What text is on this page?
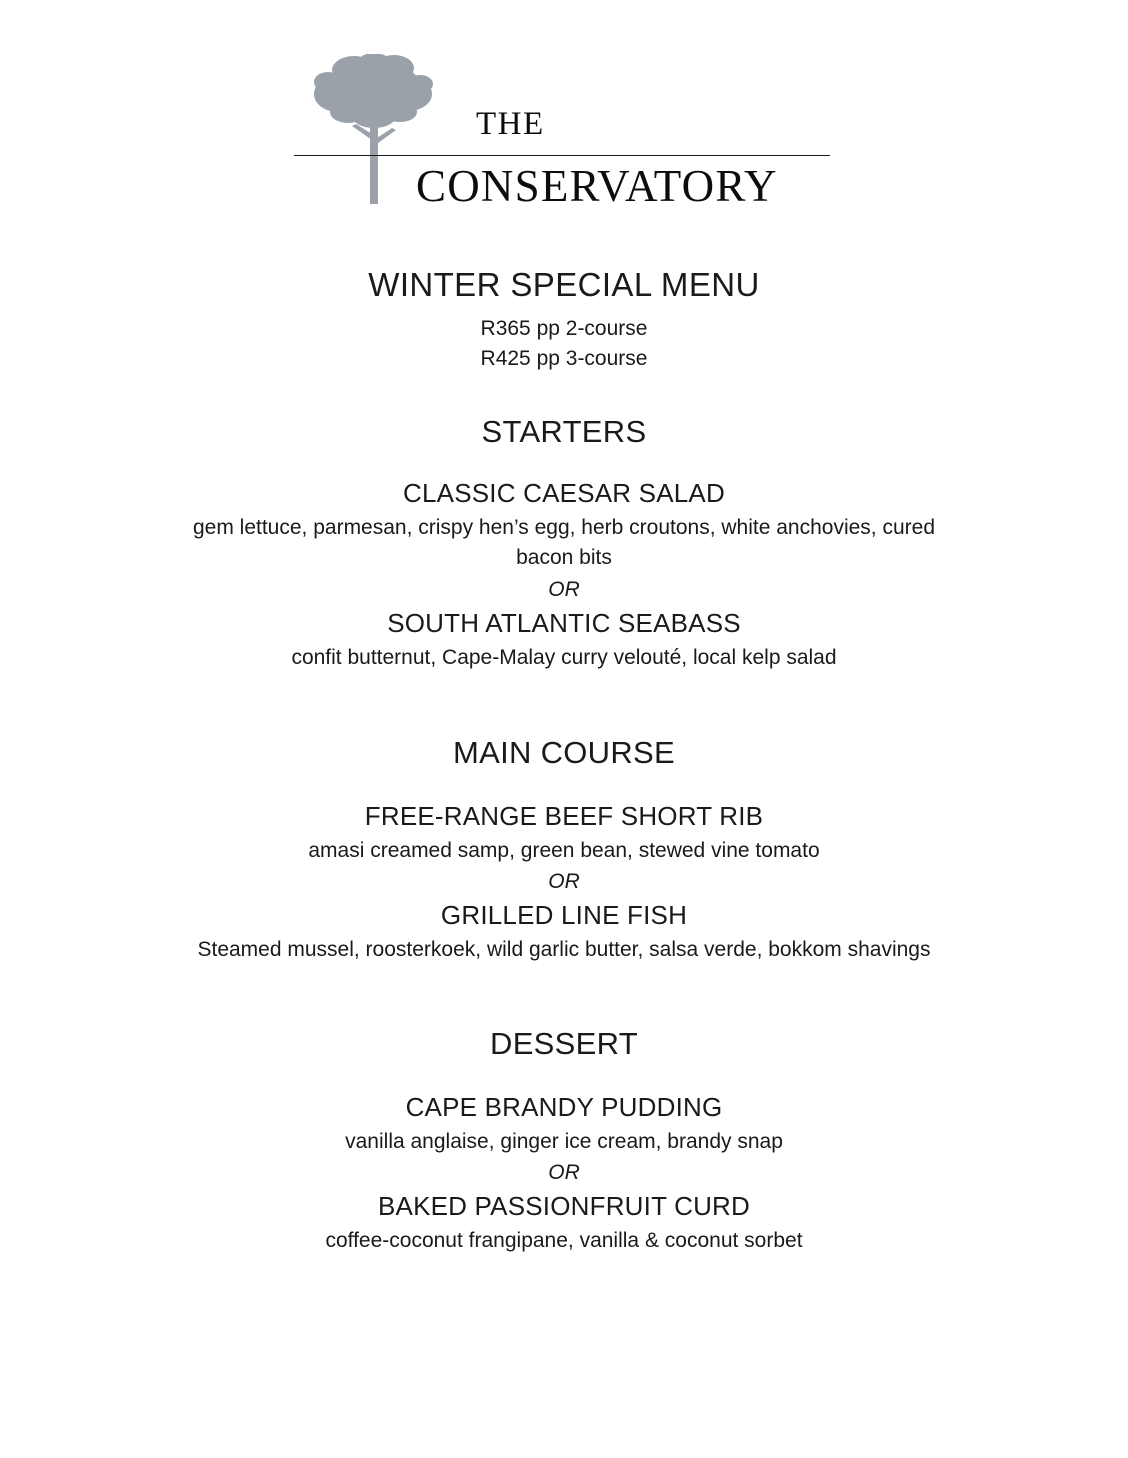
THE
CONSERVATORY
WINTER SPECIAL MENU
R365 pp 2-course
R425 pp 3-course
STARTERS
CLASSIC CAESAR SALAD
gem lettuce, parmesan, crispy hen’s egg, herb croutons, white anchovies, cured bacon bits
OR
SOUTH ATLANTIC SEABASS
confit butternut, Cape-Malay curry velouté, local kelp salad
MAIN COURSE
FREE-RANGE BEEF SHORT RIB
amasi creamed samp, green bean, stewed vine tomato
OR
GRILLED LINE FISH
Steamed mussel, roosterkoek, wild garlic butter, salsa verde, bokkom shavings
DESSERT
CAPE BRANDY PUDDING
vanilla anglaise, ginger ice cream, brandy snap
OR
BAKED PASSIONFRUIT CURD
coffee-coconut frangipane, vanilla & coconut sorbet
